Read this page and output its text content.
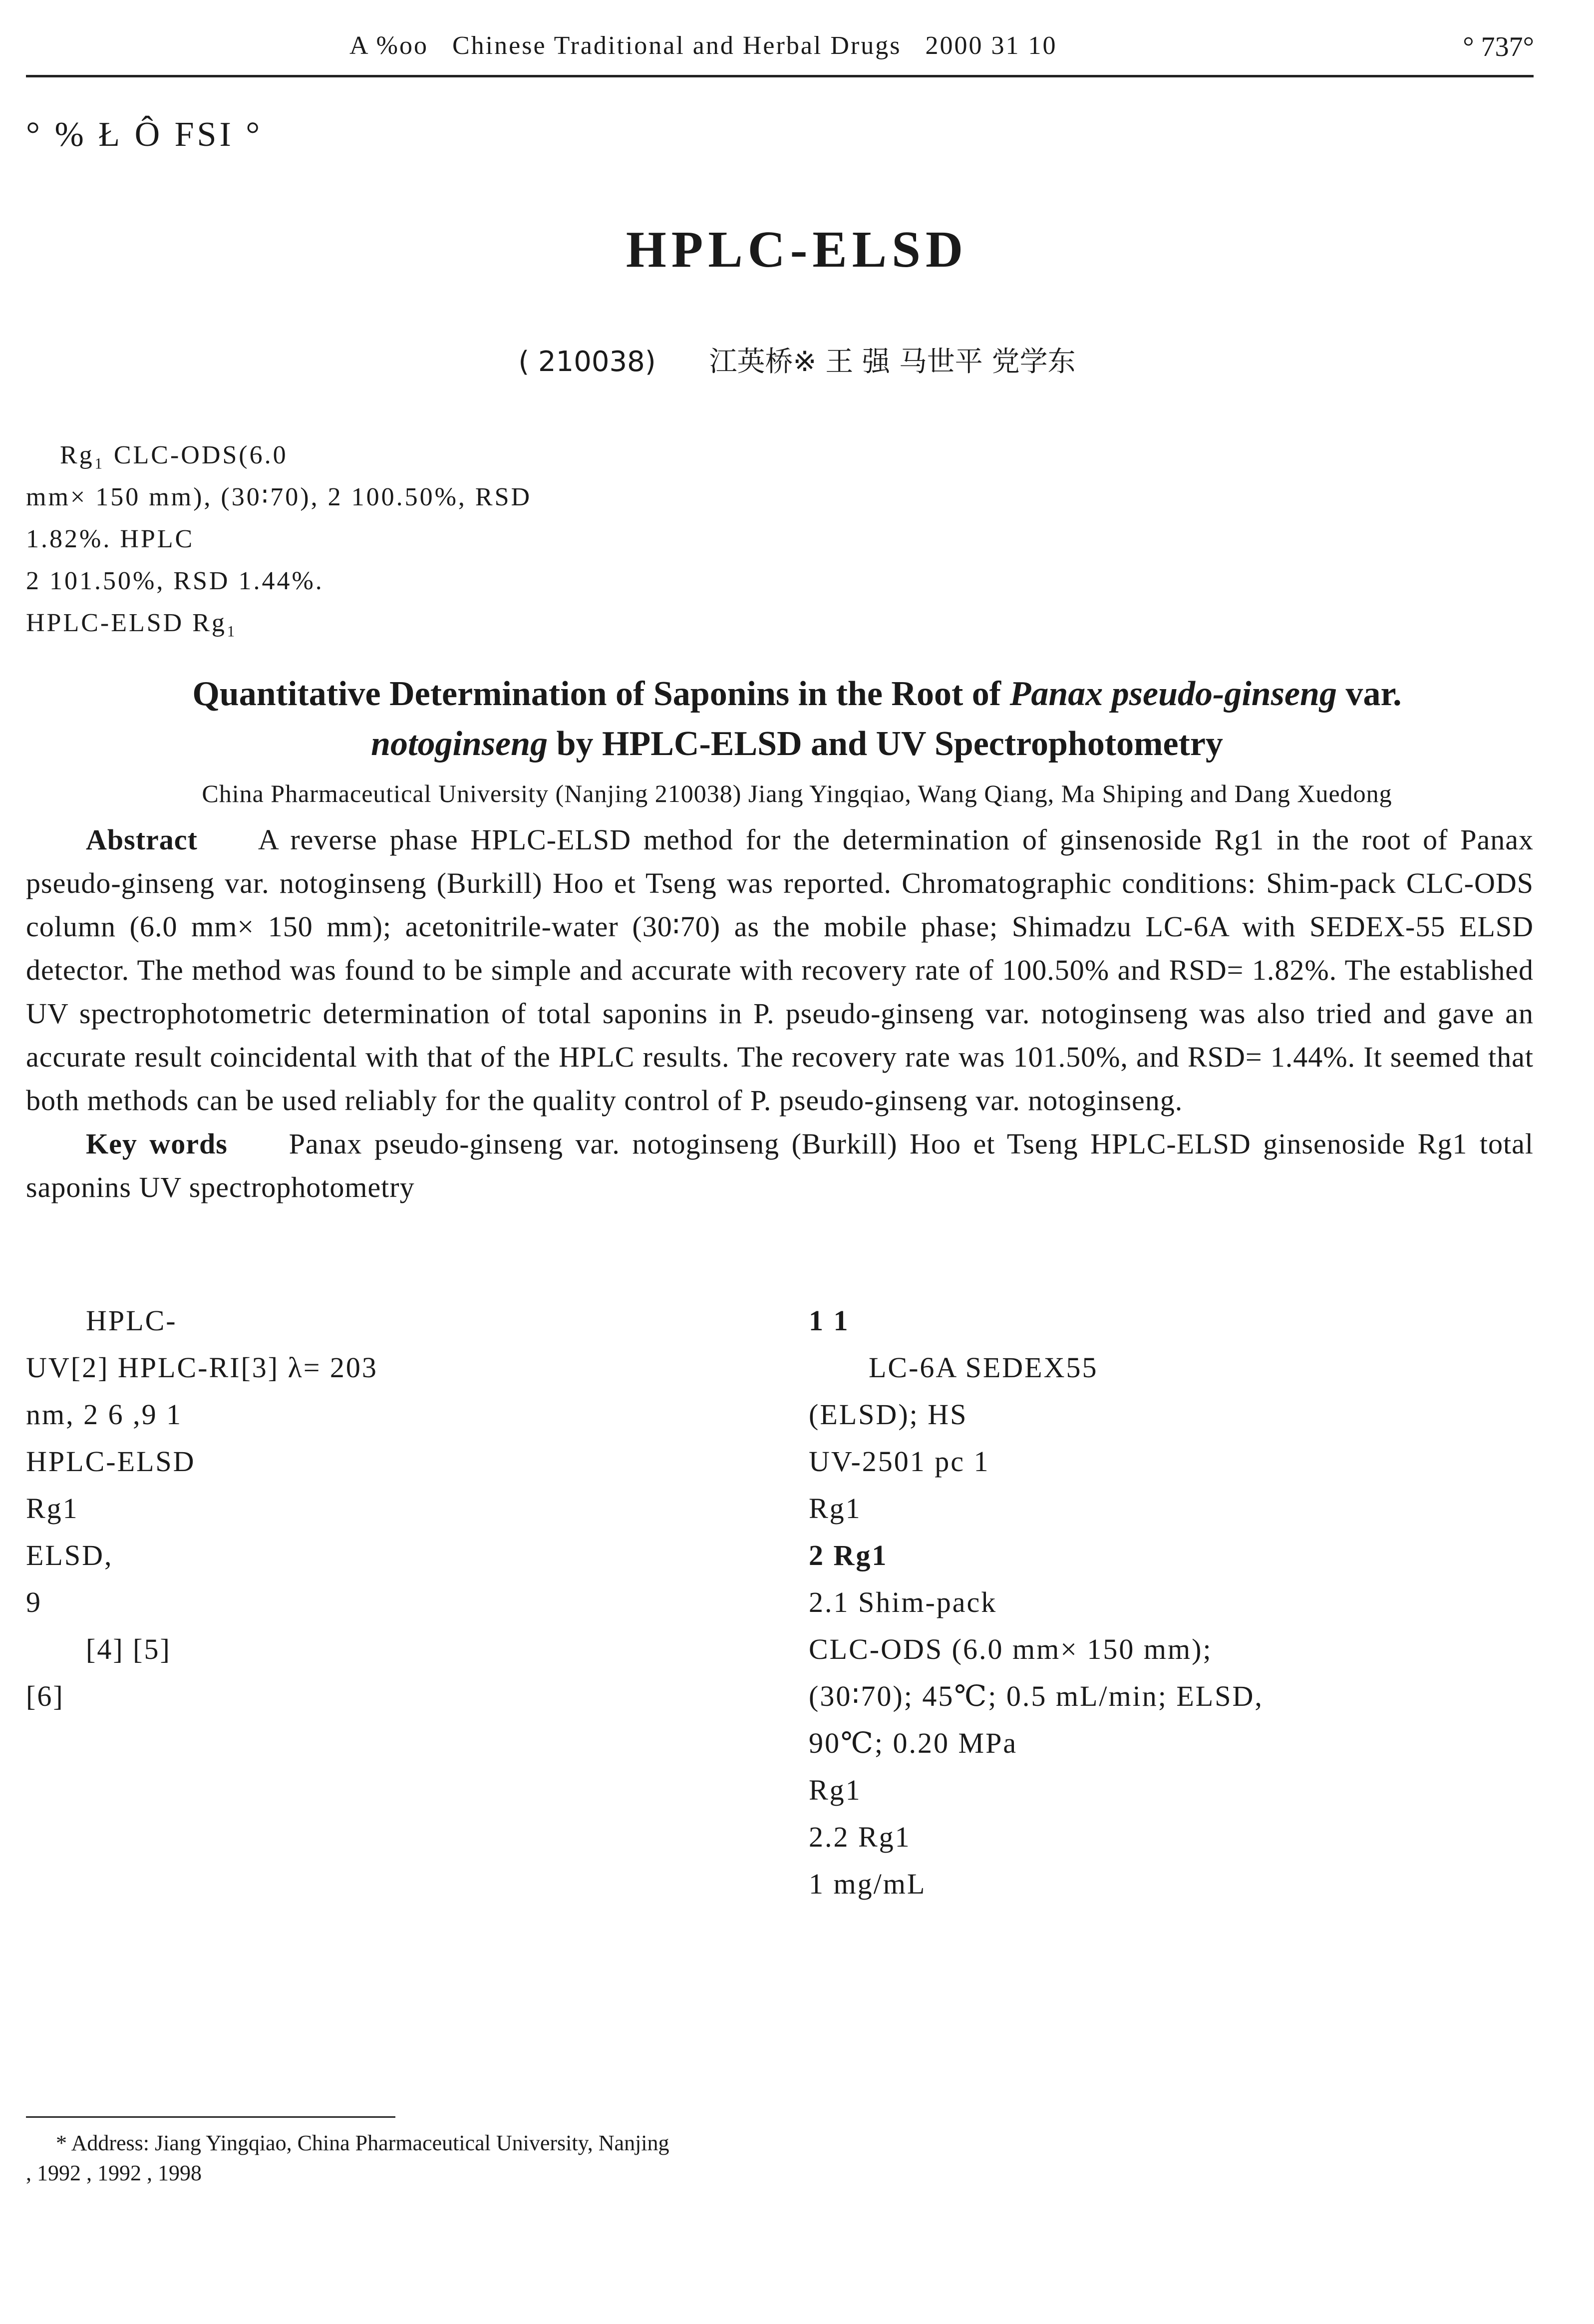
A %oo Chinese Traditional and Herbal Drugs 2000 31 10	° 737°
° % Ł Ô FSI °
HPLC-ELSD
( 210038) 江英桥※ 王 强 马世平 党学东
Rg₁ CLC-ODS(6.0
mm× 150 mm), (30∶70), 2 100.50%, RSD
1.82%. HPLC
2 101.50%, RSD 1.44%.
HPLC-ELSD Rg₁
Quantitative Determination of Saponins in the Root of Panax pseudo-ginseng var.
notoginseng by HPLC-ELSD and UV Spectrophotometry
China Pharmaceutical University (Nanjing 210038) Jiang Yingqiao, Wang Qiang, Ma Shiping and Dang Xuedong
Abstract A reverse phase HPLC-ELSD method for the determination of ginsenoside Rg1 in the root of Panax pseudo-ginseng var. notoginseng (Burkill) Hoo et Tseng was reported. Chromatographic conditions: Shim-pack CLC-ODS column (6.0 mm× 150 mm); acetonitrile-water (30∶70) as the mobile phase; Shimadzu LC-6A with SEDEX-55 ELSD detector. The method was found to be simple and accurate with recovery rate of 100.50% and RSD= 1.82%. The established UV spectrophotometric determination of total saponins in P. pseudo-ginseng var. notoginseng was also tried and gave an accurate result coincidental with that of the HPLC results. The recovery rate was 101.50%, and RSD= 1.44%. It seemed that both methods can be used reliably for the quality control of P. pseudo-ginseng var. notoginseng.
Key words Panax pseudo-ginseng var. notoginseng (Burkill) Hoo et Tseng HPLC-ELSD ginsenoside Rg1 total saponins UV spectrophotometry
HPLC-
UV[2] HPLC-RI[3] λ= 203
nm, 2 6 ,9 1
HPLC-ELSD
Rg1
ELSD,
9
[4] [5]
[6]
1 1
LC-6A SEDEX55
(ELSD); HS
UV-2501 pc 1
Rg1
2 Rg1
2.1 Shim-pack
CLC-ODS (6.0 mm× 150 mm);
(30∶70); 45℃; 0.5 mL/min; ELSD,
90℃; 0.20 MPa
Rg1
2.2 Rg1
1 mg/mL
* Address: Jiang Yingqiao, China Pharmaceutical University, Nanjing
, 1992 , 1992 , 1998
